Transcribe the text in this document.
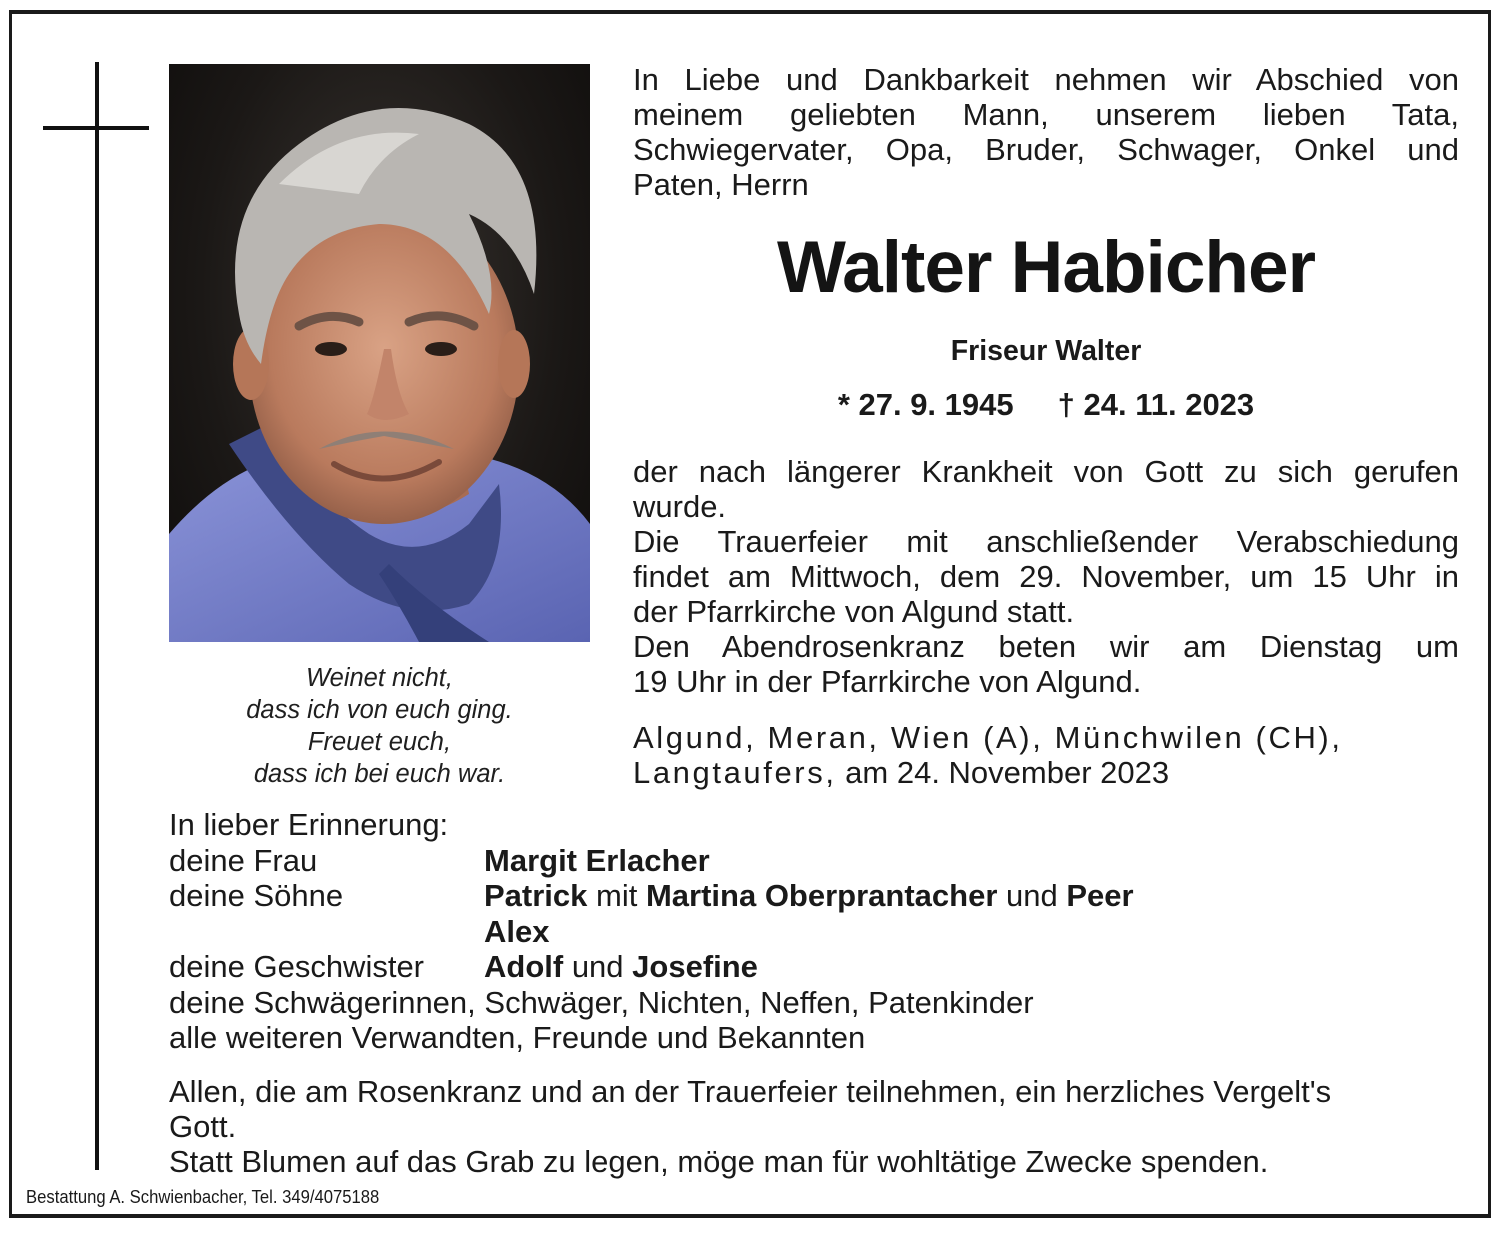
Weinet nicht,
dass ich von euch ging.
Freuet euch,
dass ich bei euch war.
In Liebe und Dankbarkeit nehmen wir Abschied von
meinem geliebten Mann, unserem lieben Tata,
Schwiegervater, Opa, Bruder, Schwager, Onkel und
Paten, Herrn
Walter Habicher
Friseur Walter
* 27. 9. 1945 † 24. 11. 2023
der nach längerer Krankheit von Gott zu sich gerufen
wurde.
Die Trauerfeier mit anschließender Verabschiedung
findet am Mittwoch, dem 29. November, um 15 Uhr in
der Pfarrkirche von Algund statt.
Den Abendrosenkranz beten wir am Dienstag um
19 Uhr in der Pfarrkirche von Algund.
Algund, Meran, Wien (A), Münchwilen (CH),
Langtaufers, am 24. November 2023
In lieber Erinnerung:
deine Frau	Margit Erlacher
deine Söhne	Patrick mit Martina Oberprantacher und Peer
Alex
deine Geschwister Adolf und Josefine
deine Schwägerinnen, Schwäger, Nichten, Neffen, Patenkinder
alle weiteren Verwandten, Freunde und Bekannten
Allen, die am Rosenkranz und an der Trauerfeier teilnehmen, ein herzliches Vergelt's
Gott.
Statt Blumen auf das Grab zu legen, möge man für wohltätige Zwecke spenden.
Bestattung A. Schwienbacher, Tel. 349/4075188
